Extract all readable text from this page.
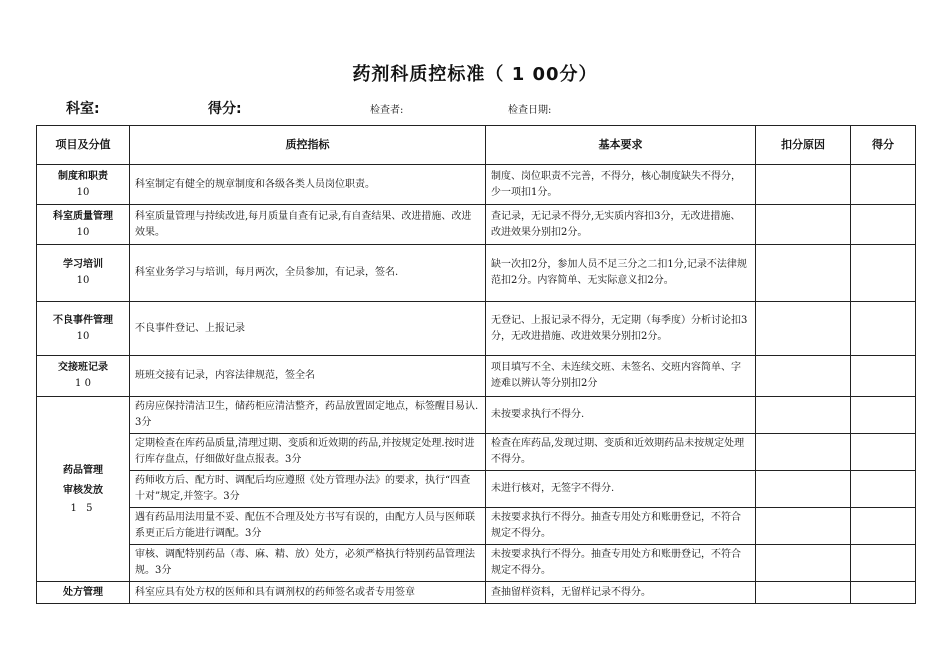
药剂科质控标准（ 1 00分）
科室:	得分:	检查者:	检查日期:
项目及分值	质控指标	基本要求	扣分原因	得分

制度和职责
10	科室制定有健全的规章制度和各级各类人员岗位职责。	制度、岗位职责不完善，不得分，核心制度缺失不得分，少一项扣1分。		

科室质量管理
10	科室质量管理与持续改进,每月质量自查有记录,有自查结果、改进措施、改进效果。	查记录，无记录不得分,无实质内容扣3分，无改进措施、改进效果分别扣2分。		

学习培训
10	科室业务学习与培训，每月两次，全员参加，有记录，签名.	缺一次扣2分，参加人员不足三分之二扣1分,记录不法律规范扣2分。内容简单、无实际意义扣2分。		

不良事件管理
10	不良事件登记、上报记录	无登记、上报记录不得分，无定期（每季度）分析讨论扣3分，无改进措施、改进效果分别扣2分。		

交接班记录
1 0	班班交接有记录，内容法律规范，签全名	项目填写不全、未连续交班、未签名、交班内容简单、字迹难以辨认等分别扣2分		

药品管理审核发放
1 5	药房应保持清洁卫生，储药柜应清洁整齐，药品放置固定地点，标签醒目易认.3分	未按要求执行不得分.		
	定期检查在库药品质量,清理过期、变质和近效期的药品,并按规定处理.按时进行库存盘点，仔细做好盘点报表。3分	检查在库药品,发现过期、变质和近效期药品未按规定处理不得分。		
	药师收方后、配方时、调配后均应遵照《处方管理办法》的要求，执行“四查十对”规定,并签字。3分	未进行核对，无签字不得分.		
	遇有药品用法用量不妥、配伍不合理及处方书写有误的，由配方人员与医师联系更正后方能进行调配。3分	未按要求执行不得分。抽查专用处方和账册登记，不符合规定不得分。		
	审核、调配特别药品（毒、麻、精、放）处方，必须严格执行特别药品管理法规。3分	未按要求执行不得分。抽查专用处方和账册登记，不符合规定不得分。		

处方管理	科室应具有处方权的医师和具有调剂权的药师签名或者专用签章	查抽留样资料，无留样记录不得分。		
